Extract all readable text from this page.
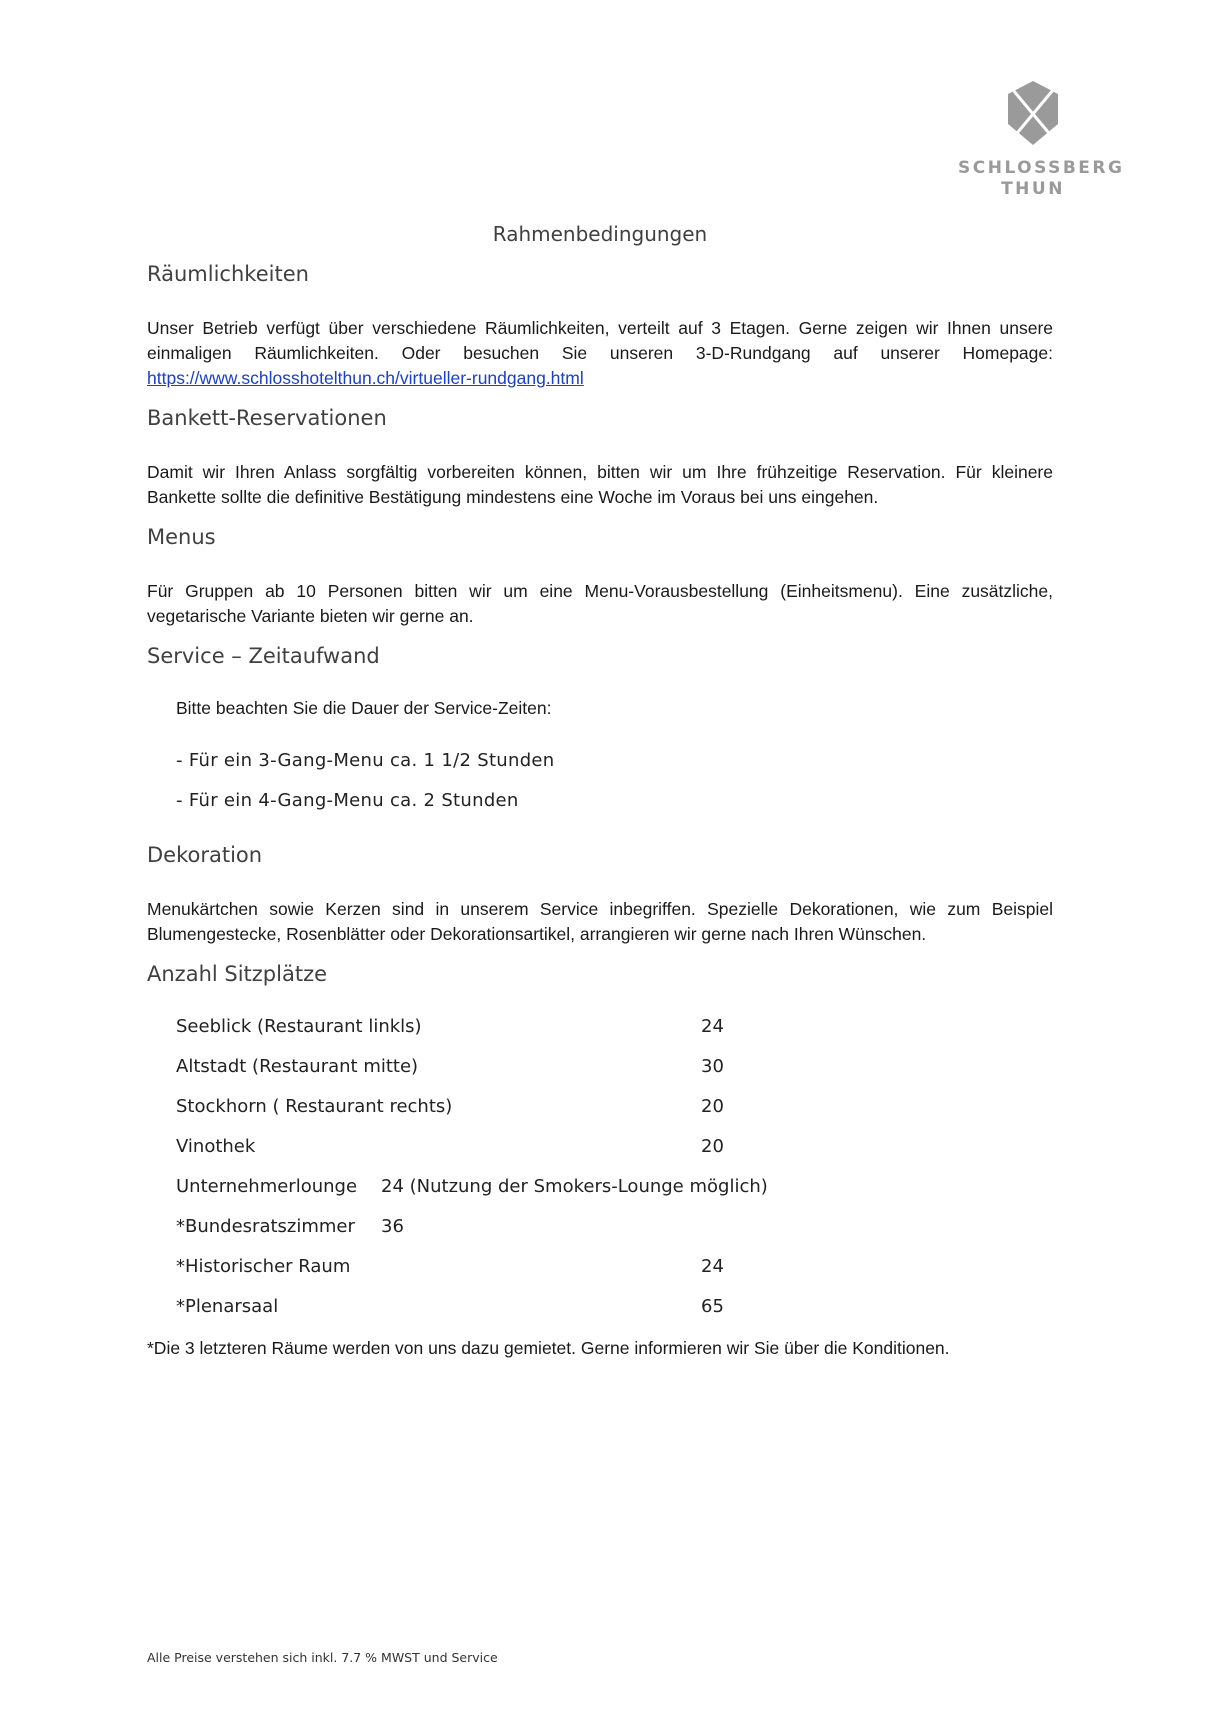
SCHLOSSBERG
THUN
Rahmenbedingungen
Räumlichkeiten

Unser Betrieb verfügt über verschiedene Räumlichkeiten, verteilt auf 3 Etagen. Gerne zeigen wir Ihnen unsere einmaligen Räumlichkeiten. Oder besuchen Sie unseren 3-D-Rundgang auf unserer Homepage: https://www.schlosshotelthun.ch/virtueller-rundgang.html

Bankett-Reservationen

Damit wir Ihren Anlass sorgfältig vorbereiten können, bitten wir um Ihre frühzeitige Reservation. Für kleinere Bankette sollte die definitive Bestätigung mindestens eine Woche im Voraus bei uns eingehen.

Menus

Für Gruppen ab 10 Personen bitten wir um eine Menu-Vorausbestellung (Einheitsmenu). Eine zusätzliche, vegetarische Variante bieten wir gerne an.

Service – Zeitaufwand
Bitte beachten Sie die Dauer der Service-Zeiten:
- Für ein 3-Gang-Menu ca. 1 1/2 Stunden
- Für ein 4-Gang-Menu ca. 2 Stunden
Dekoration

Menukärtchen sowie Kerzen sind in unserem Service inbegriffen. Spezielle Dekorationen, wie zum Beispiel Blumengestecke, Rosenblätter oder Dekorationsartikel, arrangieren wir gerne nach Ihren Wünschen.

Anzahl Sitzplätze
Seeblick (Restaurant linkls)	24
Altstadt (Restaurant mitte)	30
Stockhorn ( Restaurant rechts)	20
Vinothek	20
Unternehmerlounge 24 (Nutzung der Smokers-Lounge möglich)
*Bundesratszimmer 36
*Historischer Raum	24
*Plenarsaal	65
*Die 3 letzteren Räume werden von uns dazu gemietet. Gerne informieren wir Sie über die Konditionen.
Alle Preise verstehen sich inkl. 7.7 % MWST und Service
